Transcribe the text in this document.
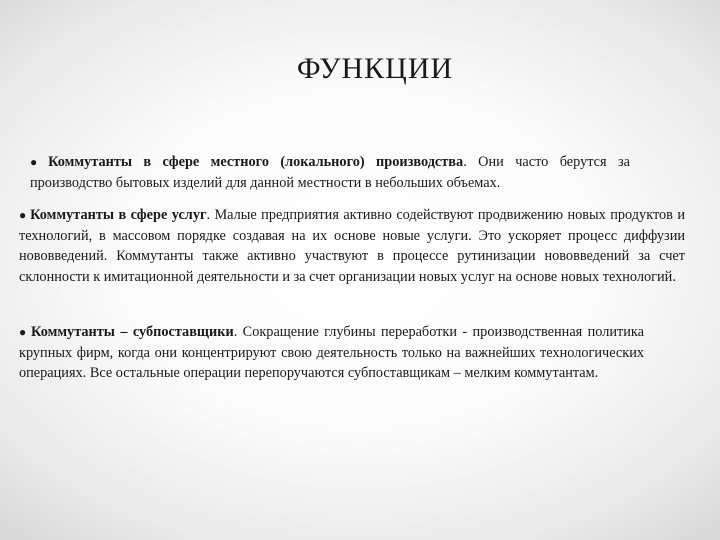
ФУНКЦИИ
● Коммутанты в сфере местного (локального) производства. Они часто берутся за производство бытовых изделий для данной местности в небольших объемах.
● Коммутанты в сфере услуг. Малые предприятия активно содействуют продвижению новых продуктов и технологий, в массовом порядке создавая на их основе новые услуги. Это ускоряет процесс диффузии нововведений. Коммутанты также активно участвуют в процессе рутинизации нововведений за счет склонности к имитационной деятельности и за счет организации новых услуг на основе новых технологий.
● Коммутанты – субпоставщики. Сокращение глубины переработки - производственная политика крупных фирм, когда они концентрируют свою деятельность только на важнейших технологических операциях. Все остальные операции перепоручаются субпоставщикам – мелким коммутантам.
